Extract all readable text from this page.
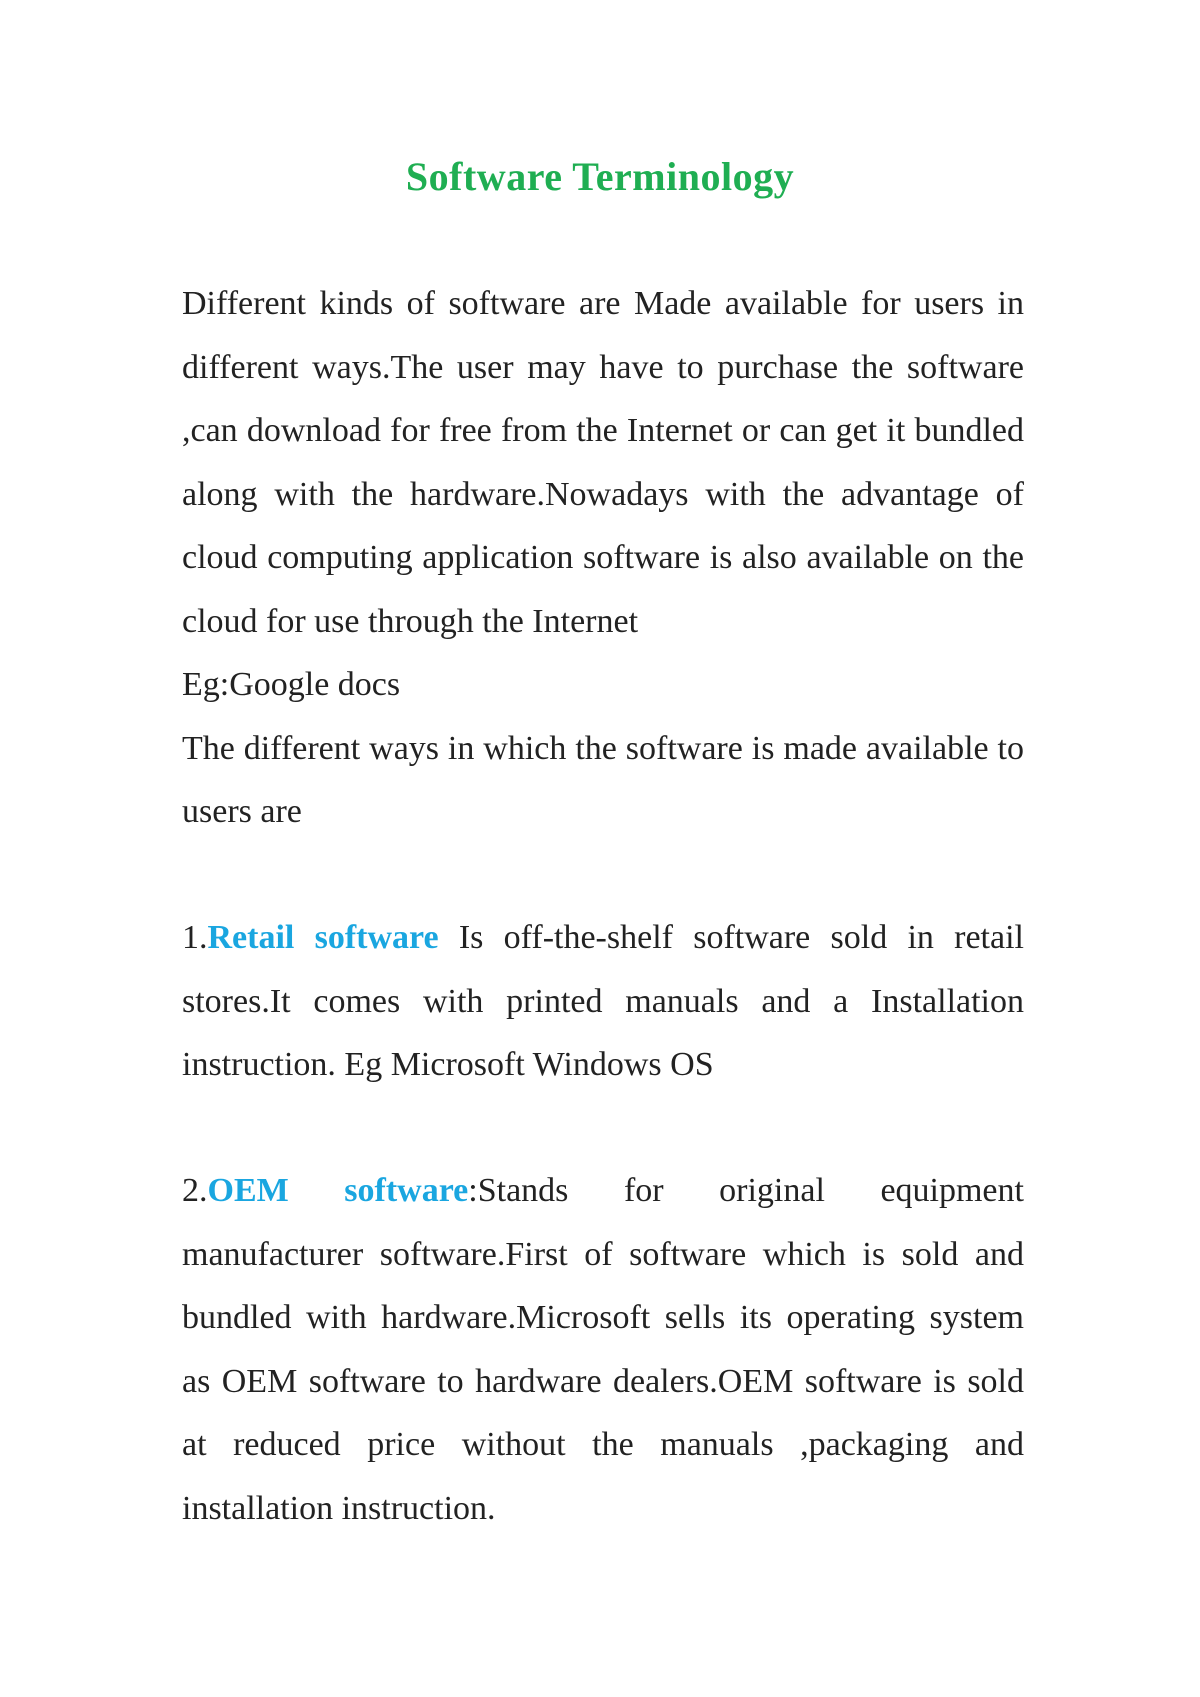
Software Terminology
Different kinds of software are Made available for users in different ways.The user may have to purchase the software ,can download for free from the Internet or can get it bundled along with the hardware.Nowadays with the advantage of cloud computing application software is also available on the cloud for use through the Internet
Eg:Google docs
The different ways in which the software is made available to users are
1.Retail software Is off-the-shelf software sold in retail stores.It comes with printed manuals and a Installation instruction. Eg Microsoft Windows OS
2.OEM software:Stands for original equipment
manufacturer software.First of software which is sold and bundled with hardware.Microsoft sells its operating system as OEM software to hardware dealers.OEM software is sold at reduced price without the manuals ,packaging and installation instruction.
